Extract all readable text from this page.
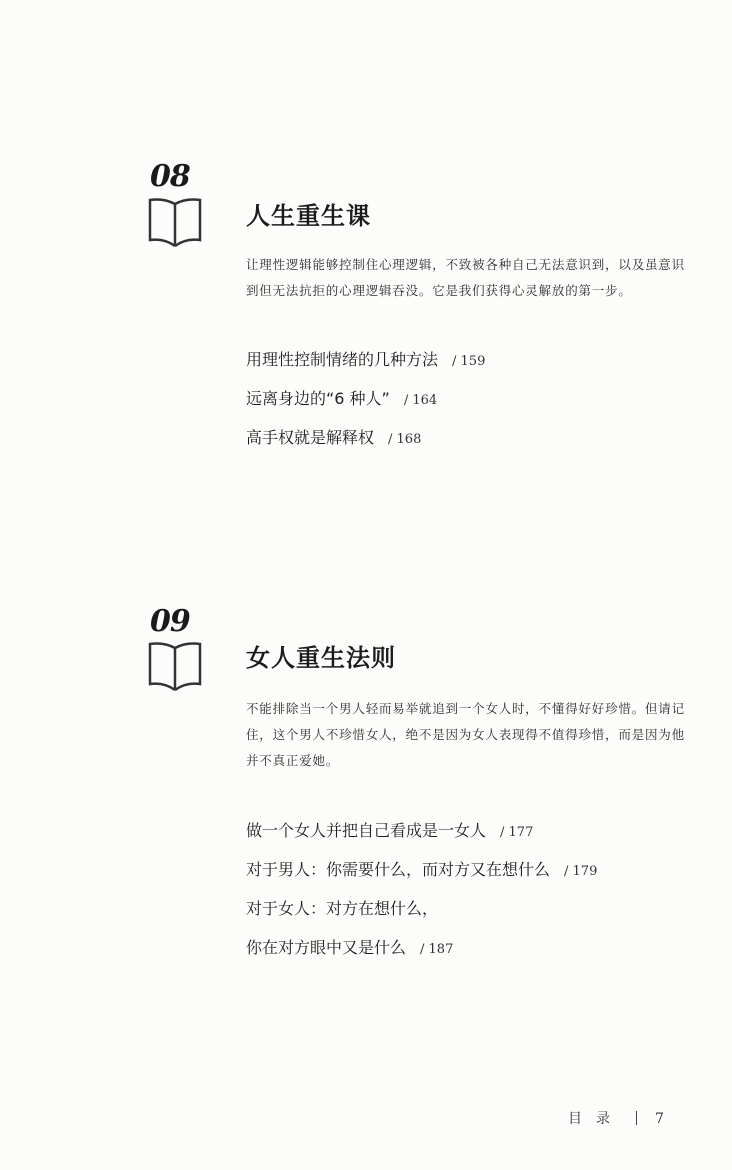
08
人生重生课

让理性逻辑能够控制住心理逻辑，不致被各种自己无法意识到，以及虽意识到但无法抗拒的心理逻辑吞没。它是我们获得心灵解放的第一步。

用理性控制情绪的几种方法 / 159
远离身边的“6 种人” / 164
高手权就是解释权 / 168
09
女人重生法则

不能排除当一个男人轻而易举就追到一个女人时，不懂得好好珍惜。但请记住，这个男人不珍惜女人，绝不是因为女人表现得不值得珍惜，而是因为他并不真正爱她。

做一个女人并把自己看成是一女人 / 177
对于男人：你需要什么，而对方又在想什么 / 179
对于女人：对方在想什么，
你在对方眼中又是什么 / 187
目　录	7
